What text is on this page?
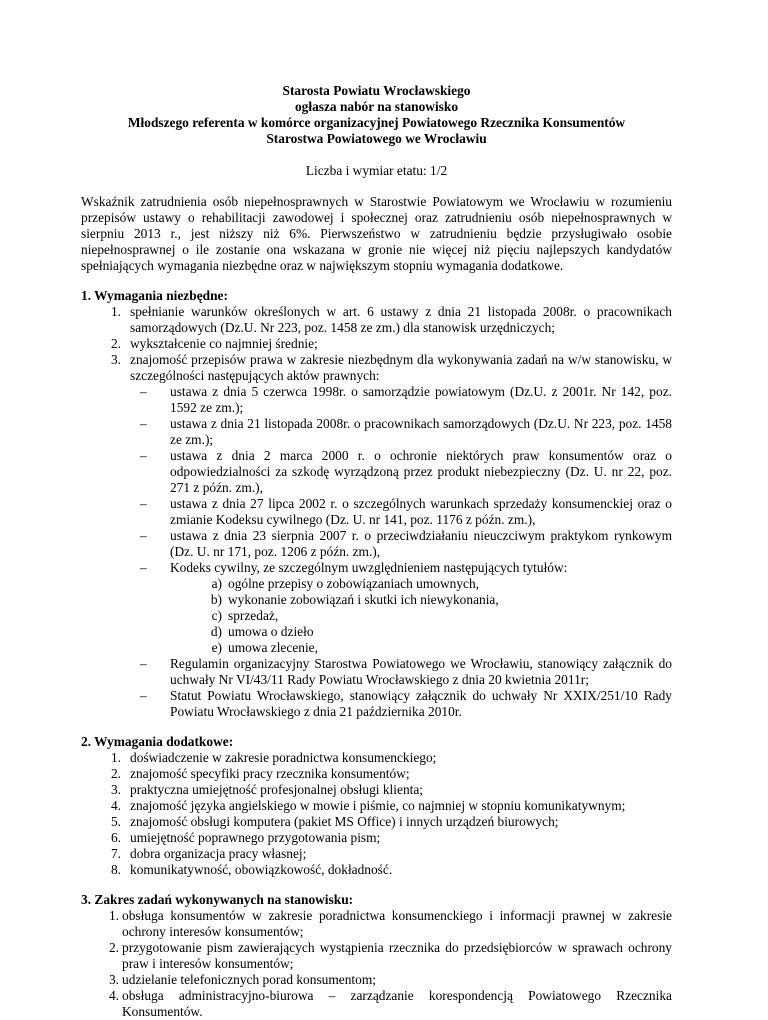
Starosta Powiatu Wrocławskiego
ogłasza nabór na stanowisko
Młodszego referenta w komórce organizacyjnej Powiatowego Rzecznika Konsumentów
Starostwa Powiatowego we Wrocławiu
Liczba i wymiar etatu: 1/2
Wskaźnik zatrudnienia osób niepełnosprawnych w Starostwie Powiatowym we Wrocławiu w rozumieniu przepisów ustawy o rehabilitacji zawodowej i społecznej oraz zatrudnieniu osób niepełnosprawnych w sierpniu 2013 r., jest niższy niż 6%. Pierwszeństwo w zatrudnieniu będzie przysługiwało osobie niepełnosprawnej o ile zostanie ona wskazana w gronie nie więcej niż pięciu najlepszych kandydatów spełniających wymagania niezbędne oraz w największym stopniu wymagania dodatkowe.
1. Wymagania niezbędne:
1. spełnianie warunków określonych w art. 6 ustawy z dnia 21 listopada 2008r. o pracownikach samorządowych (Dz.U. Nr 223, poz. 1458 ze zm.) dla stanowisk urzędniczych;
2. wykształcenie co najmniej średnie;
3. znajomość przepisów prawa w zakresie niezbędnym dla wykonywania zadań na w/w stanowisku, w szczególności następujących aktów prawnych:
– ustawa z dnia 5 czerwca 1998r. o samorządzie powiatowym (Dz.U. z 2001r. Nr 142, poz. 1592 ze zm.);
– ustawa z dnia 21 listopada 2008r. o pracownikach samorządowych (Dz.U. Nr 223, poz. 1458 ze zm.);
– ustawa z dnia 2 marca 2000 r. o ochronie niektórych praw konsumentów oraz o odpowiedzialności za szkodę wyrządzoną przez produkt niebezpieczny (Dz. U. nr 22, poz. 271 z późn. zm.),
– ustawa z dnia 27 lipca 2002 r. o szczególnych warunkach sprzedaży konsumenckiej oraz o zmianie Kodeksu cywilnego (Dz. U. nr 141, poz. 1176 z późn. zm.),
– ustawa z dnia 23 sierpnia 2007 r. o przeciwdziałaniu nieuczciwym praktykom rynkowym (Dz. U. nr 171, poz. 1206 z późn. zm.),
– Kodeks cywilny, ze szczególnym uwzględnieniem następujących tytułów:
a) ogólne przepisy o zobowiązaniach umownych,
b) wykonanie zobowiązań i skutki ich niewykonania,
c) sprzedaż,
d) umowa o dzieło
e) umowa zlecenie,
– Regulamin organizacyjny Starostwa Powiatowego we Wrocławiu, stanowiący załącznik do uchwały Nr VI/43/11 Rady Powiatu Wrocławskiego z dnia 20 kwietnia 2011r;
– Statut Powiatu Wrocławskiego, stanowiący załącznik do uchwały Nr XXIX/251/10 Rady Powiatu Wrocławskiego z dnia 21 października 2010r.
2. Wymagania dodatkowe:
1. doświadczenie w zakresie poradnictwa konsumenckiego;
2. znajomość specyfiki pracy rzecznika konsumentów;
3. praktyczna umiejętność profesjonalnej obsługi klienta;
4. znajomość języka angielskiego w mowie i piśmie, co najmniej w stopniu komunikatywnym;
5. znajomość obsługi komputera (pakiet MS Office) i innych urządzeń biurowych;
6. umiejętność poprawnego przygotowania pism;
7. dobra organizacja pracy własnej;
8. komunikatywność, obowiązkowość, dokładność.
3. Zakres zadań wykonywanych na stanowisku:
1. obsługa konsumentów w zakresie poradnictwa konsumenckiego i informacji prawnej w zakresie ochrony interesów konsumentów;
2. przygotowanie pism zawierających wystąpienia rzecznika do przedsiębiorców w sprawach ochrony praw i interesów konsumentów;
3. udzielanie telefonicznych porad konsumentom;
4. obsługa administracyjno-biurowa – zarządzanie korespondencją Powiatowego Rzecznika Konsumentów.
